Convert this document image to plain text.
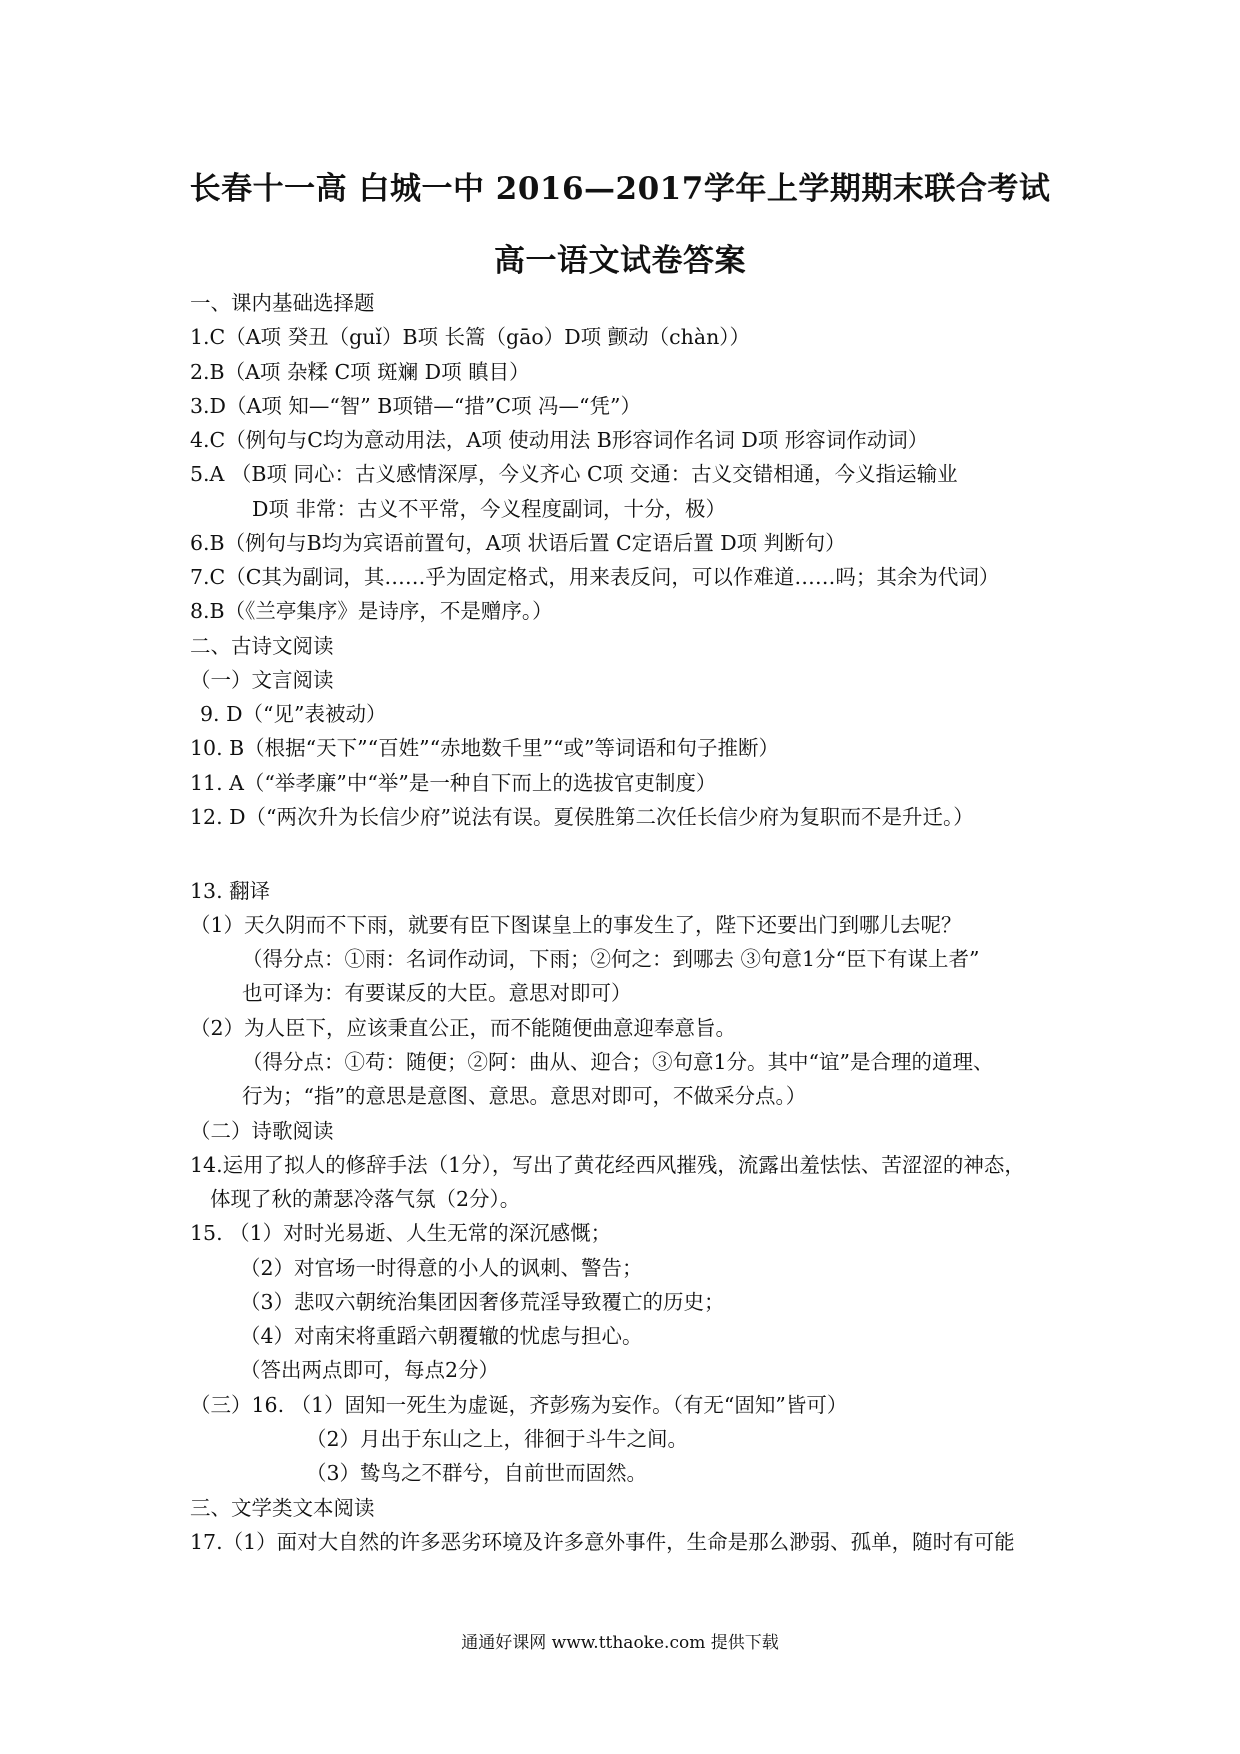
长春十一高 白城一中 2016—2017学年上学期期末联合考试
高一语文试卷答案
一、课内基础选择题
1.C（A项 癸丑（guǐ）B项 长篙（gāo）D项 颤动（chàn））
2.B（A项 杂糅 C项 斑斓 D项 瞋目）
3.D（A项 知—“智” B项错—“措”C项 冯—“凭”）
4.C（例句与C均为意动用法，A项 使动用法 B形容词作名词 D项 形容词作动词）
5.A （B项 同心：古义感情深厚，今义齐心 C项 交通：古义交错相通，今义指运输业
D项 非常：古义不平常，今义程度副词，十分，极）
6.B（例句与B均为宾语前置句，A项 状语后置 C定语后置 D项 判断句）
7.C（C其为副词，其……乎为固定格式，用来表反问，可以作难道……吗；其余为代词）
8.B（《兰亭集序》是诗序，不是赠序。）
二、古诗文阅读
（一）文言阅读
9. D（“见”表被动）
10. B（根据“天下”“百姓”“赤地数千里”“或”等词语和句子推断）
11. A（“举孝廉”中“举”是一种自下而上的选拔官吏制度）
12. D（“两次升为长信少府”说法有误。夏侯胜第二次任长信少府为复职而不是升迁。）
13. 翻译
（1）天久阴而不下雨，就要有臣下图谋皇上的事发生了，陛下还要出门到哪儿去呢？
（得分点：①雨：名词作动词，下雨；②何之：到哪去 ③句意1分“臣下有谋上者”
也可译为：有要谋反的大臣。意思对即可）
（2）为人臣下，应该秉直公正，而不能随便曲意迎奉意旨。
（得分点：①苟：随便；②阿：曲从、迎合；③句意1分。其中“谊”是合理的道理、
行为；“指”的意思是意图、意思。意思对即可，不做采分点。）
（二）诗歌阅读
14.运用了拟人的修辞手法（1分），写出了黄花经西风摧残，流露出羞怯怯、苦涩涩的神态，
体现了秋的萧瑟冷落气氛（2分）。
15. （1）对时光易逝、人生无常的深沉感慨；
（2）对官场一时得意的小人的讽刺、警告；
（3）悲叹六朝统治集团因奢侈荒淫导致覆亡的历史；
（4）对南宋将重蹈六朝覆辙的忧虑与担心。
（答出两点即可，每点2分）
（三）16. （1）固知一死生为虚诞，齐彭殇为妄作。（有无“固知”皆可）
（2）月出于东山之上，徘徊于斗牛之间。
（3）鸷鸟之不群兮，自前世而固然。
三、文学类文本阅读
17.（1）面对大自然的许多恶劣环境及许多意外事件，生命是那么渺弱、孤单，随时有可能
通通好课网 www.tthaoke.com 提供下载
